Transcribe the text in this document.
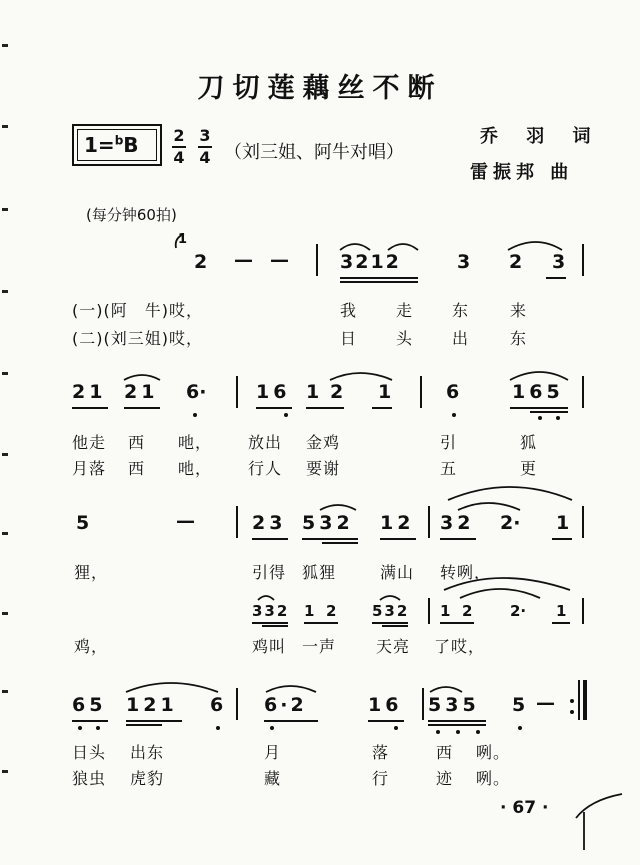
刀切莲藕丝不断
1=$^b$B 2
4
3
4 （刘三姐、阿牛对唱）
乔 羽 词
雷振邦 曲
(每分钟60拍)
1
2 — —	3212	3 2 3
(一)(阿　牛)哎，
(二)(刘三姐)哎，
我 走 东	来
日 头 出	东
21 21 6·	16 1 2 1	6	165
他走 西 吔， 放出 金鸡	引	狐
月落 西 吔， 行人 要谢	五	更
5	—	23 532 12 32 2· 1
狸，	引得 狐狸	满山 转咧，
332 1 2 532 1 2	2· 1
鸡，	鸡叫 一声 天亮 了哎，
65 121 6 6·2	16 535 5 —
日头 出东	月	落	西 咧。
狼虫 虎豹	藏	行	迹 咧。
· 67 ·
